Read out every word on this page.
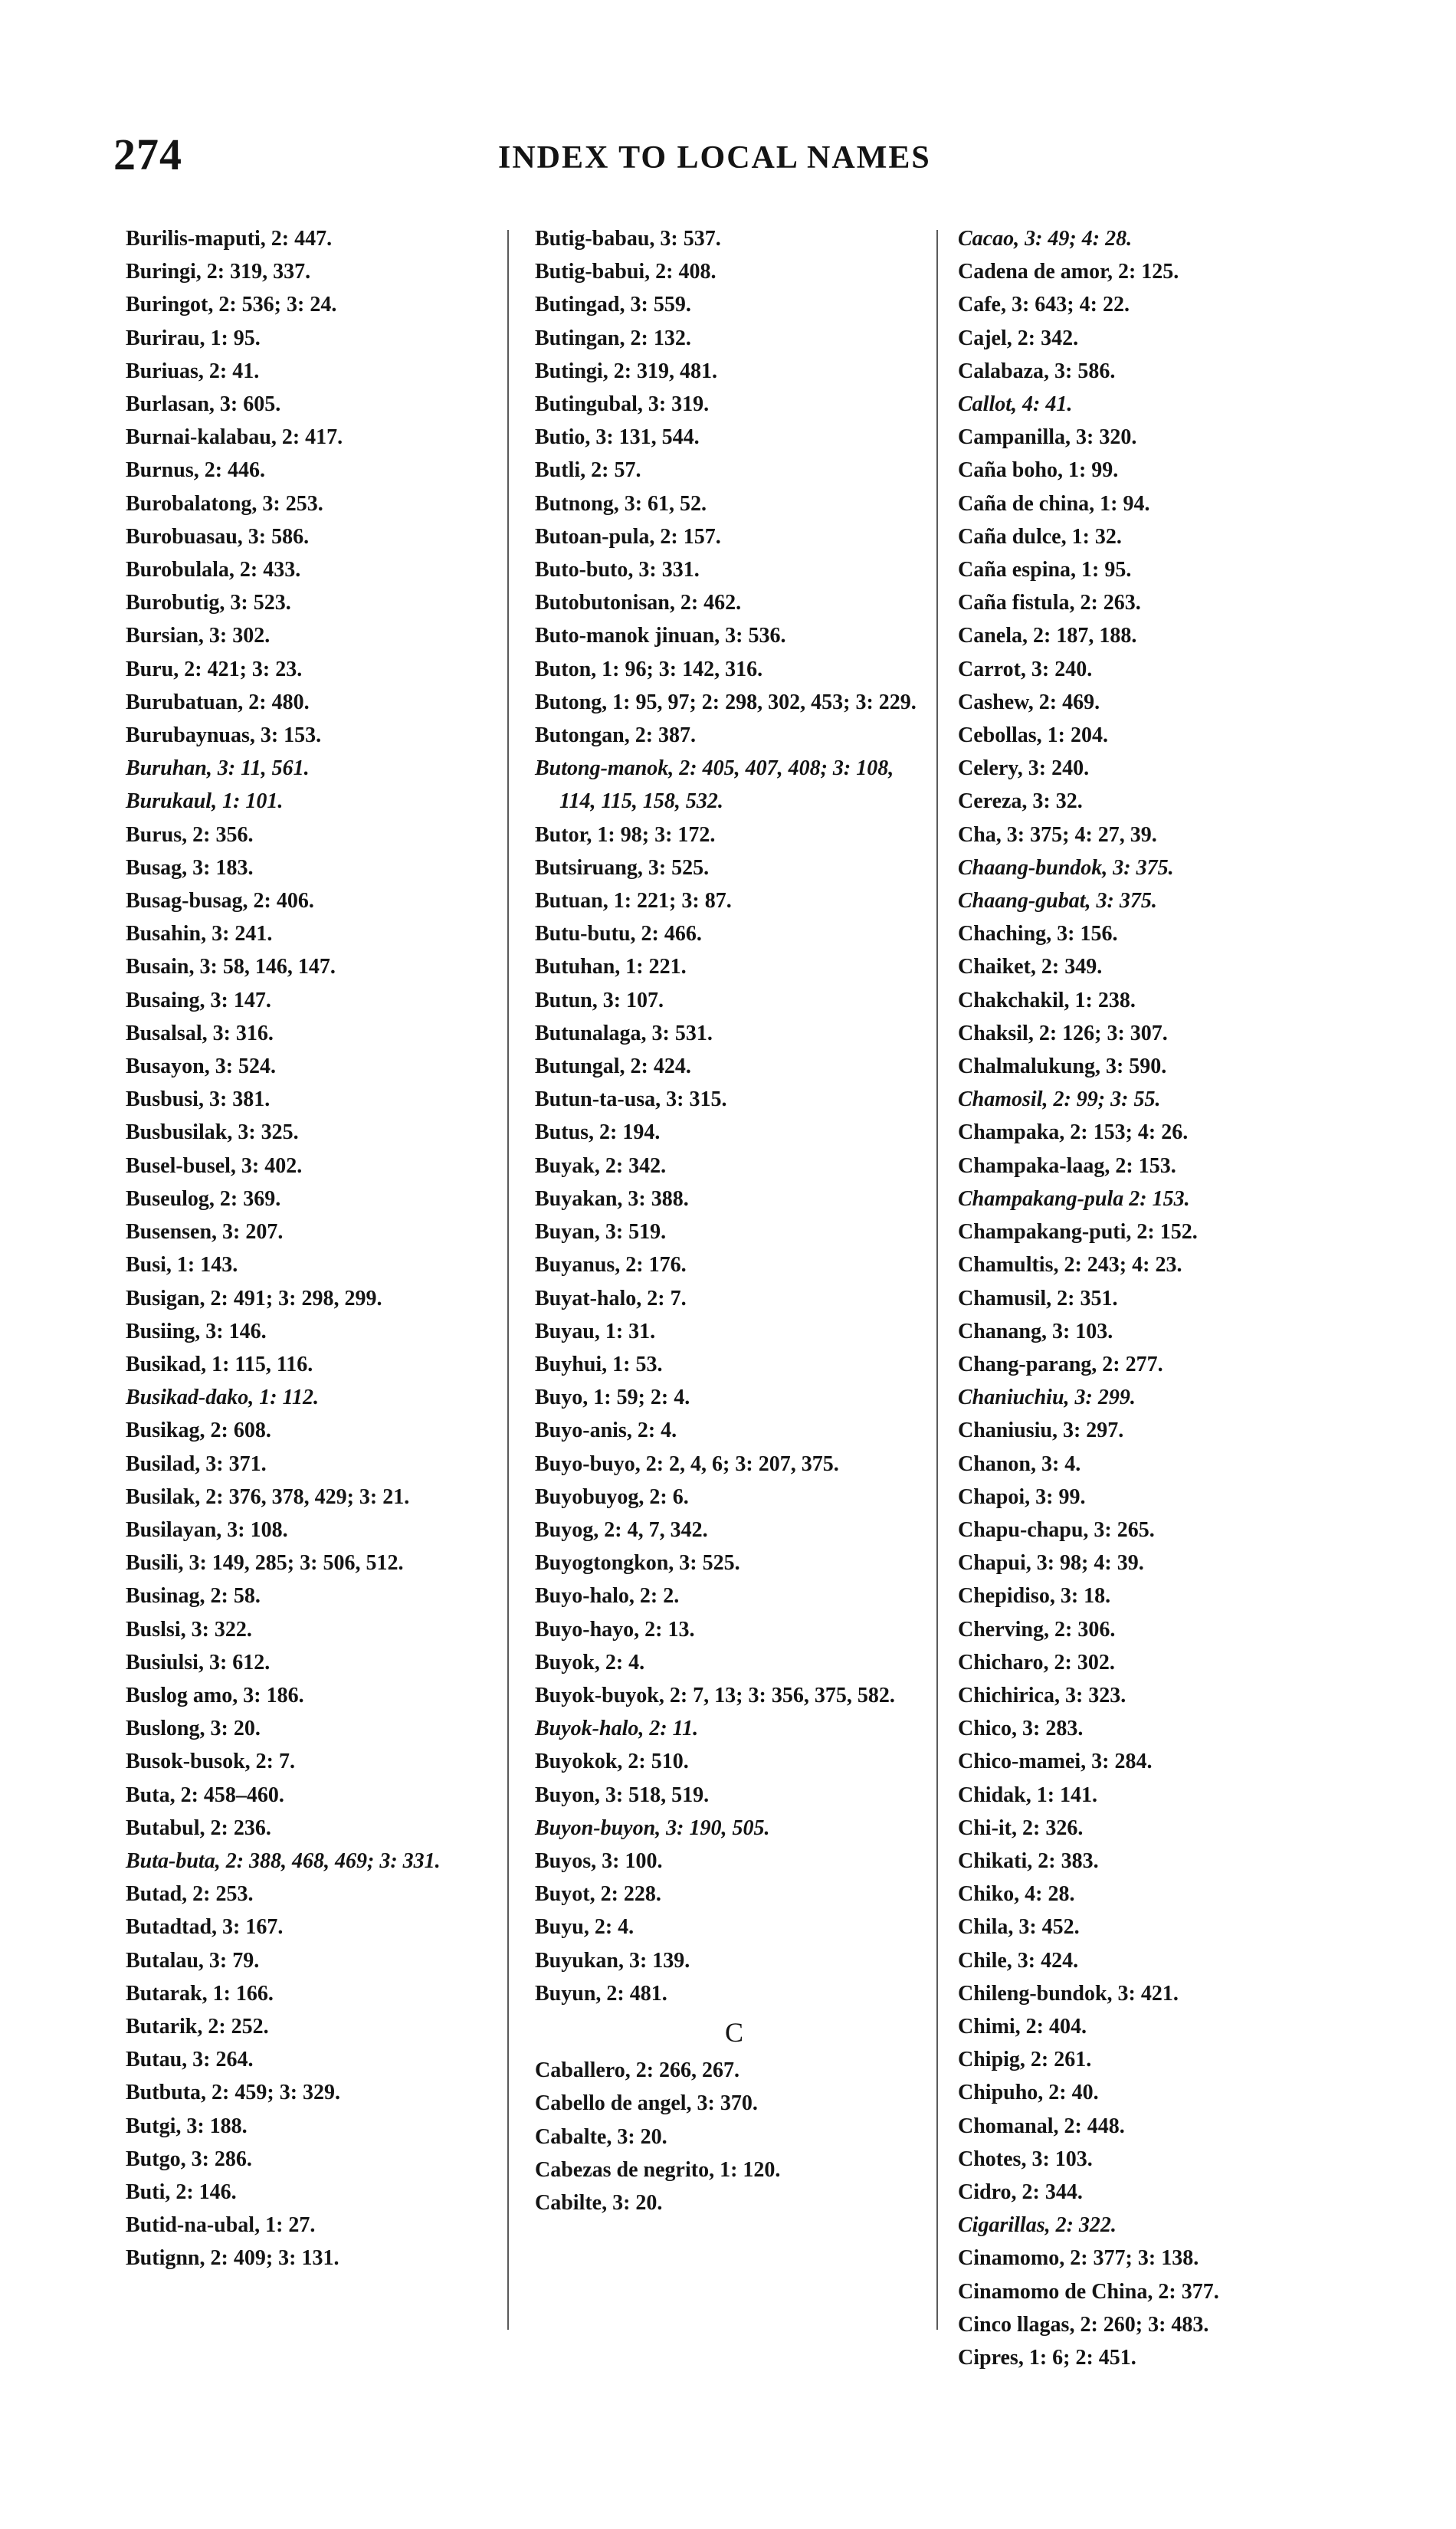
274	INDEX TO LOCAL NAMES

Burilis-maputi, 2: 447.

Buringi, 2: 319, 337.

Buringot, 2: 536; 3: 24.

Burirau, 1: 95.

Buriuas, 2: 41.

Burlasan, 3: 605.

Burnai-kalabau, 2: 417.

Burnus, 2: 446.

Burobalatong, 3: 253.

Burobuasau, 3: 586.

Burobulala, 2: 433.

Burobutig, 3: 523.

Bursian, 3: 302.

Buru, 2: 421; 3: 23.

Burubatuan, 2: 480.

Burubaynuas, 3: 153.

Buruhan, 3: 11, 561.

Burukaul, 1: 101.

Burus, 2: 356.

Busag, 3: 183.

Busag-busag, 2: 406.

Busahin, 3: 241.

Busain, 3: 58, 146, 147.

Busaing, 3: 147.

Busalsal, 3: 316.

Busayon, 3: 524.

Busbusi, 3: 381.

Busbusilak, 3: 325.

Busel-busel, 3: 402.

Buseulog, 2: 369.

Busensen, 3: 207.

Busi, 1: 143.

Busigan, 2: 491; 3: 298, 299.

Busiing, 3: 146.

Busikad, 1: 115, 116.

Busikad-dako, 1: 112.

Busikag, 2: 608.

Busilad, 3: 371.

Busilak, 2: 376, 378, 429; 3: 21.

Busilayan, 3: 108.

Busili, 3: 149, 285; 3: 506, 512.

Businag, 2: 58.

Buslsi, 3: 322.

Busiulsi, 3: 612.

Buslog amo, 3: 186.

Buslong, 3: 20.

Busok-busok, 2: 7.

Buta, 2: 458–460.

Butabul, 2: 236.

Buta-buta, 2: 388, 468, 469; 3: 331.

Butad, 2: 253.

Butadtad, 3: 167.

Butalau, 3: 79.

Butarak, 1: 166.

Butarik, 2: 252.

Butau, 3: 264.

Butbuta, 2: 459; 3: 329.

Butgi, 3: 188.

Butgo, 3: 286.

Buti, 2: 146.

Butid-na-ubal, 1: 27.

Butignn, 2: 409; 3: 131.

Butig-babau, 3: 537.

Butig-babui, 2: 408.

Butingad, 3: 559.

Butingan, 2: 132.

Butingi, 2: 319, 481.

Butingubal, 3: 319.

Butio, 3: 131, 544.

Butli, 2: 57.

Butnong, 3: 61, 52.

Butoan-pula, 2: 157.

Buto-buto, 3: 331.

Butobutonisan, 2: 462.

Buto-manok jinuan, 3: 536.

Buton, 1: 96; 3: 142, 316.

Butong, 1: 95, 97; 2: 298, 302, 453; 3: 229.

Butongan, 2: 387.

Butong-manok, 2: 405, 407, 408; 3: 108, 114, 115, 158, 532.

Butor, 1: 98; 3: 172.

Butsiruang, 3: 525.

Butuan, 1: 221; 3: 87.

Butu-butu, 2: 466.

Butuhan, 1: 221.

Butun, 3: 107.

Butunalaga, 3: 531.

Butungal, 2: 424.

Butun-ta-usa, 3: 315.

Butus, 2: 194.

Buyak, 2: 342.

Buyakan, 3: 388.

Buyan, 3: 519.

Buyanus, 2: 176.

Buyat-halo, 2: 7.

Buyau, 1: 31.

Buyhui, 1: 53.

Buyo, 1: 59; 2: 4.

Buyo-anis, 2: 4.

Buyo-buyo, 2: 2, 4, 6; 3: 207, 375.

Buyobuyog, 2: 6.

Buyog, 2: 4, 7, 342.

Buyogtongkon, 3: 525.

Buyo-halo, 2: 2.

Buyo-hayo, 2: 13.

Buyok, 2: 4.

Buyok-buyok, 2: 7, 13; 3: 356, 375, 582.

Buyok-halo, 2: 11.

Buyokok, 2: 510.

Buyon, 3: 518, 519.

Buyon-buyon, 3: 190, 505.

Buyos, 3: 100.

Buyot, 2: 228.

Buyu, 2: 4.

Buyukan, 3: 139.

Buyun, 2: 481.

C

Caballero, 2: 266, 267.

Cabello de angel, 3: 370.

Cabalte, 3: 20.

Cabezas de negrito, 1: 120.

Cabilte, 3: 20.

Cacao, 3: 49; 4: 28.

Cadena de amor, 2: 125.

Cafe, 3: 643; 4: 22.

Cajel, 2: 342.

Calabaza, 3: 586.

Callot, 4: 41.

Campanilla, 3: 320.

Caña boho, 1: 99.

Caña de china, 1: 94.

Caña dulce, 1: 32.

Caña espina, 1: 95.

Caña fistula, 2: 263.

Canela, 2: 187, 188.

Carrot, 3: 240.

Cashew, 2: 469.

Cebollas, 1: 204.

Celery, 3: 240.

Cereza, 3: 32.

Cha, 3: 375; 4: 27, 39.

Chaang-bundok, 3: 375.

Chaang-gubat, 3: 375.

Chaching, 3: 156.

Chaiket, 2: 349.

Chakchakil, 1: 238.

Chaksil, 2: 126; 3: 307.

Chalmalukung, 3: 590.

Chamosil, 2: 99; 3: 55.

Champaka, 2: 153; 4: 26.

Champaka-laag, 2: 153.

Champakang-pula 2: 153.

Champakang-puti, 2: 152.

Chamultis, 2: 243; 4: 23.

Chamusil, 2: 351.

Chanang, 3: 103.

Chang-parang, 2: 277.

Chaniuchiu, 3: 299.

Chaniusiu, 3: 297.

Chanon, 3: 4.

Chapoi, 3: 99.

Chapu-chapu, 3: 265.

Chapui, 3: 98; 4: 39.

Chepidiso, 3: 18.

Cherving, 2: 306.

Chicharo, 2: 302.

Chichirica, 3: 323.

Chico, 3: 283.

Chico-mamei, 3: 284.

Chidak, 1: 141.

Chi-it, 2: 326.

Chikati, 2: 383.

Chiko, 4: 28.

Chila, 3: 452.

Chile, 3: 424.

Chileng-bundok, 3: 421.

Chimi, 2: 404.

Chipig, 2: 261.

Chipuho, 2: 40.

Chomanal, 2: 448.

Chotes, 3: 103.

Cidro, 2: 344.

Cigarillas, 2: 322.

Cinamomo, 2: 377; 3: 138.

Cinamomo de China, 2: 377.

Cinco llagas, 2: 260; 3: 483.

Cipres, 1: 6; 2: 451.
